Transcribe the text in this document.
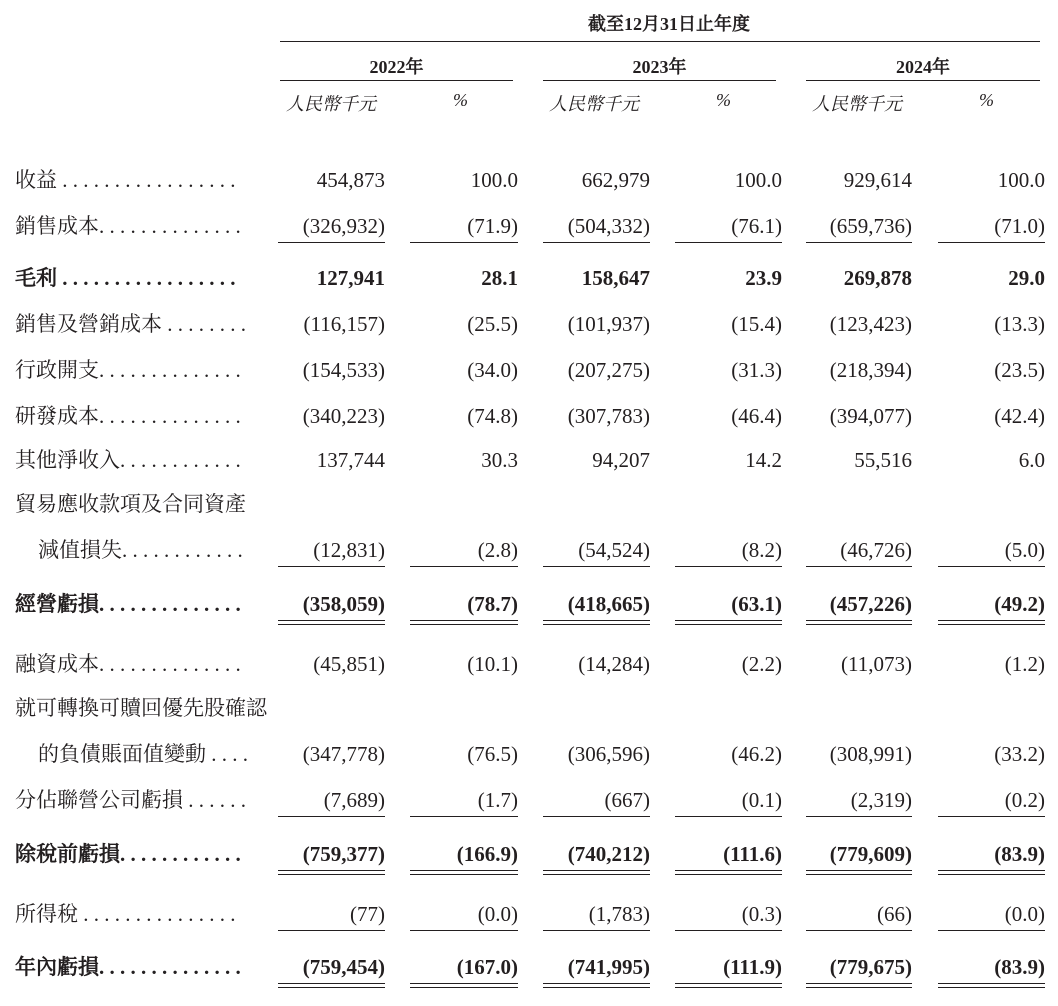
截至12月31日止年度
2022年	2023年	2024年
人民幣千元	%	人民幣千元	%	人民幣千元	%
收益 . . . . . . . . . . . . . . . . .	454,873	100.0	662,979	100.0	929,614	100.0
銷售成本. . . . . . . . . . . . . .	(326,932)	(71.9)	(504,332)	(76.1)	(659,736)	(71.0)
毛利 . . . . . . . . . . . . . . . . .	127,941	28.1	158,647	23.9	269,878	29.0
銷售及營銷成本 . . . . . . . .	(116,157)	(25.5)	(101,937)	(15.4)	(123,423)	(13.3)
行政開支. . . . . . . . . . . . . .	(154,533)	(34.0)	(207,275)	(31.3)	(218,394)	(23.5)
研發成本. . . . . . . . . . . . . .	(340,223)	(74.8)	(307,783)	(46.4)	(394,077)	(42.4)
其他淨收入. . . . . . . . . . . .	137,744	30.3	94,207	14.2	55,516	6.0
貿易應收款項及合同資產
減值損失. . . . . . . . . . . .	(12,831)	(2.8)	(54,524)	(8.2)	(46,726)	(5.0)
經營虧損. . . . . . . . . . . . . .	(358,059)	(78.7)	(418,665)	(63.1)	(457,226)	(49.2)
融資成本. . . . . . . . . . . . . .	(45,851)	(10.1)	(14,284)	(2.2)	(11,073)	(1.2)
就可轉換可贖回優先股確認
的負債賬面值變動 . . . .	(347,778)	(76.5)	(306,596)	(46.2)	(308,991)	(33.2)
分佔聯營公司虧損 . . . . . .	(7,689)	(1.7)	(667)	(0.1)	(2,319)	(0.2)
除稅前虧損. . . . . . . . . . . .	(759,377)	(166.9)	(740,212)	(111.6)	(779,609)	(83.9)
所得稅 . . . . . . . . . . . . . . .	(77)	(0.0)	(1,783)	(0.3)	(66)	(0.0)
年內虧損. . . . . . . . . . . . . .	(759,454)	(167.0)	(741,995)	(111.9)	(779,675)	(83.9)
